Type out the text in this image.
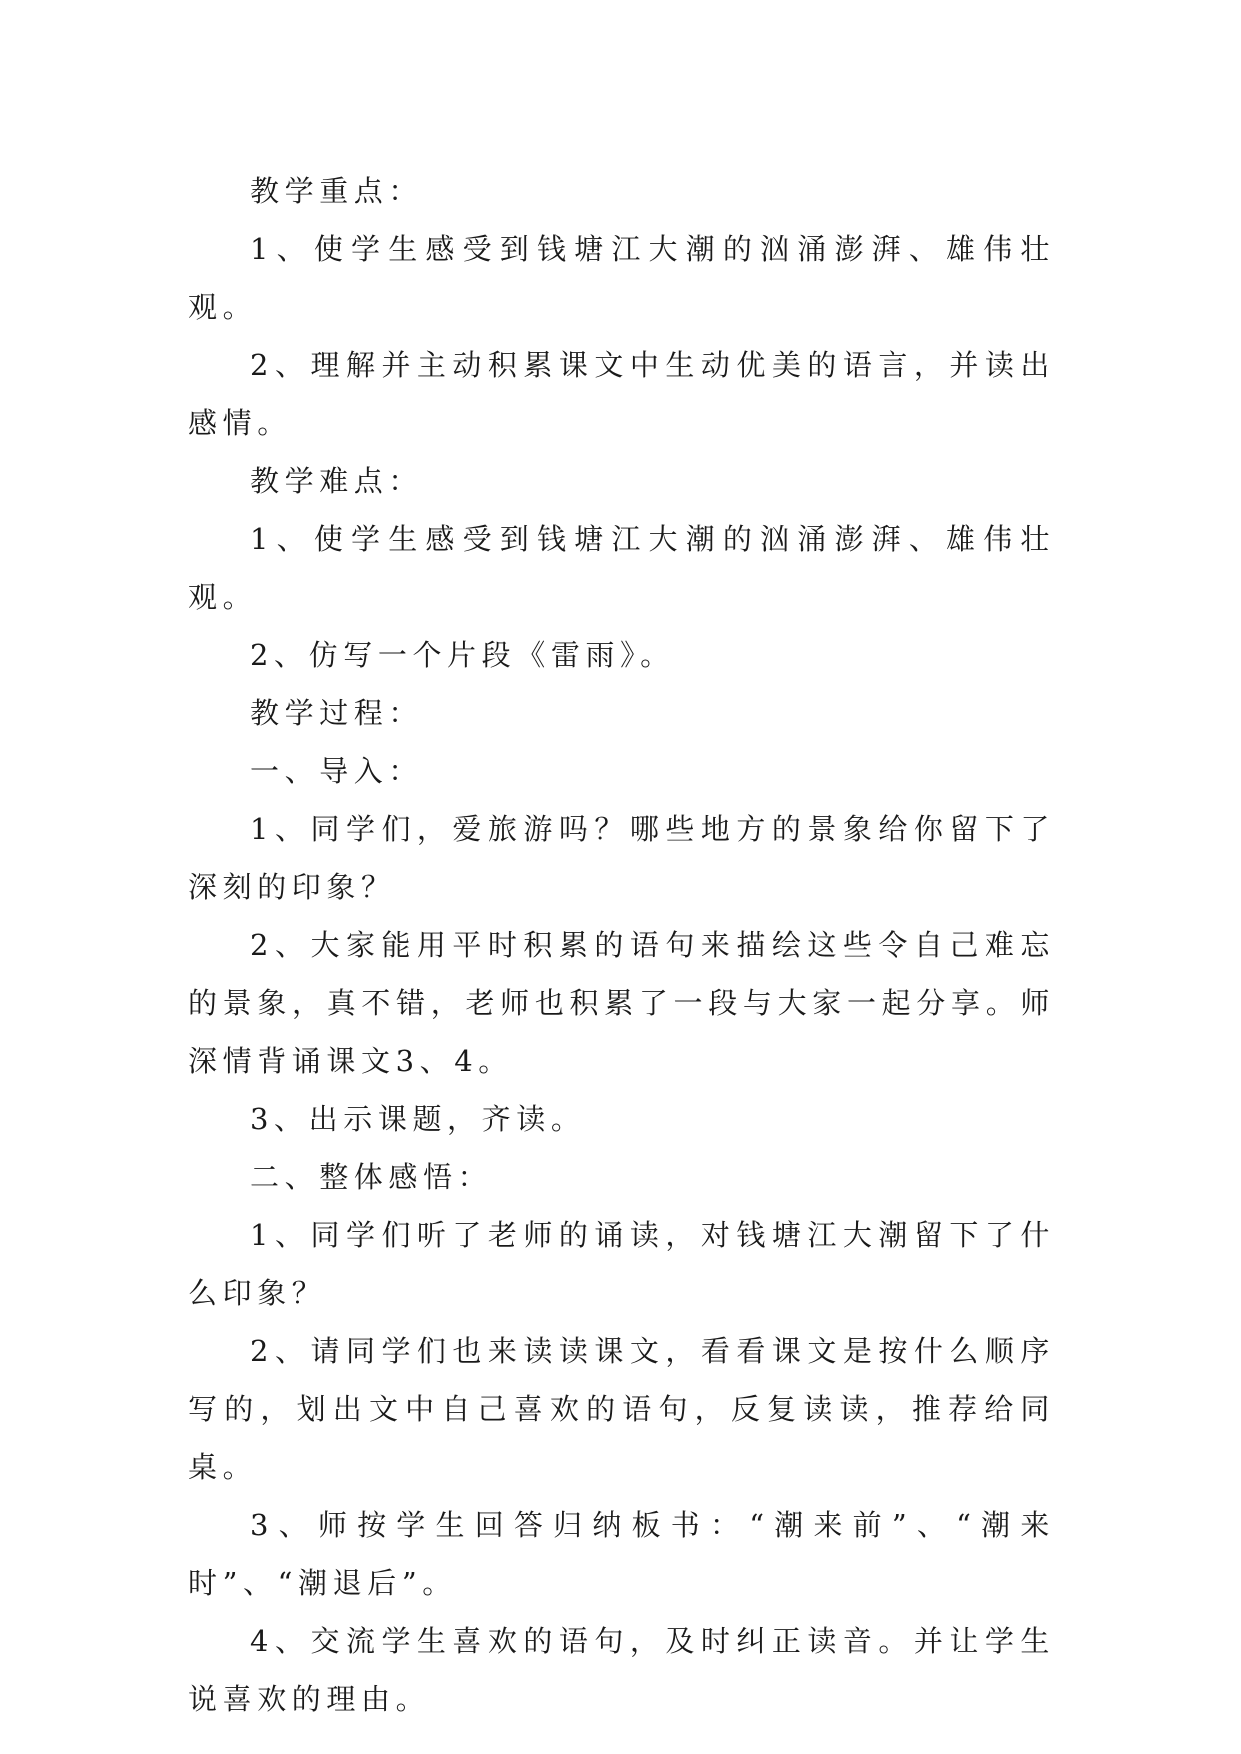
教学重点：

1、使学生感受到钱塘江大潮的汹涌澎湃、雄伟壮观。

2、理解并主动积累课文中生动优美的语言，并读出感情。

教学难点：

1、使学生感受到钱塘江大潮的汹涌澎湃、雄伟壮观。

2、仿写一个片段《雷雨》。

教学过程：

一、导入：

1、同学们，爱旅游吗？哪些地方的景象给你留下了深刻的印象？

2、大家能用平时积累的语句来描绘这些令自己难忘的景象，真不错，老师也积累了一段与大家一起分享。师深情背诵课文3、4。

3、出示课题，齐读。

二、整体感悟：

1、同学们听了老师的诵读，对钱塘江大潮留下了什么印象？

2、请同学们也来读读课文，看看课文是按什么顺序写的，划出文中自己喜欢的语句，反复读读，推荐给同桌。

3、师按学生回答归纳板书：“潮来前”、“潮来时”、“潮退后”。

4、交流学生喜欢的语句，及时纠正读音。并让学生说喜欢的理由。
